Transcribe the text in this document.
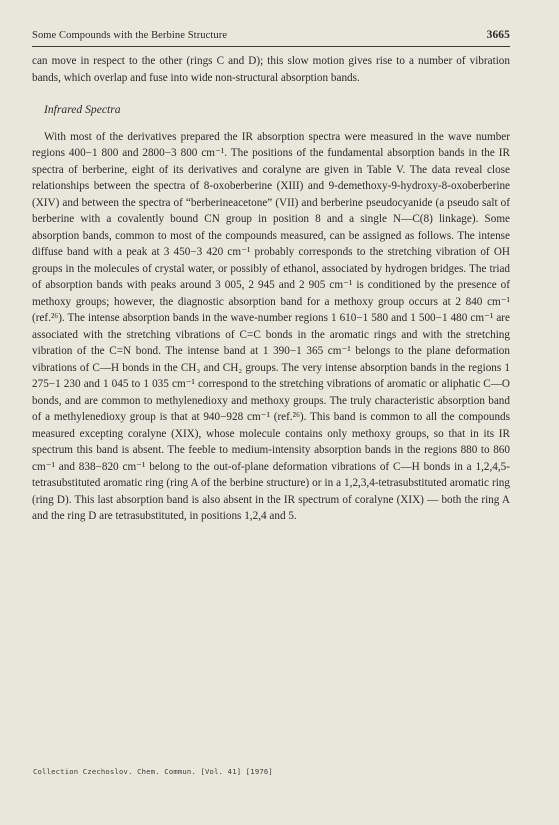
Some Compounds with the Berbine Structure	3665

can move in respect to the other (rings C and D); this slow motion gives rise to a number of vibration bands, which overlap and fuse into wide non-structural absorption bands.

Infrared Spectra

With most of the derivatives prepared the IR absorption spectra were measured in the wave number regions 400−1 800 and 2800−3 800 cm⁻¹. The positions of the fundamental absorption bands in the IR spectra of berberine, eight of its derivatives and coralyne are given in Table V. The data reveal close relationships between the spectra of 8-oxoberberine (XIII) and 9-demethoxy-9-hydroxy-8-oxoberberine (XIV) and between the spectra of “berberineacetone” (VII) and berberine pseudocyanide (a pseudo salt of berberine with a covalently bound CN group in position 8 and a single N—C(8) linkage). Some absorption bands, common to most of the compounds measured, can be assigned as follows. The intense diffuse band with a peak at 3 450−3 420 cm⁻¹ probably corresponds to the stretching vibration of OH groups in the molecules of crystal water, or possibly of ethanol, associated by hydrogen bridges. The triad of absorption bands with peaks around 3 005, 2 945 and 2 905 cm⁻¹ is conditioned by the presence of methoxy groups; however, the diagnostic absorption band for a methoxy group occurs at 2 840 cm⁻¹ (ref.²⁶). The intense absorption bands in the wave-number regions 1 610−1 580 and 1 500−1 480 cm⁻¹ are associated with the stretching vibrations of C=C bonds in the aromatic rings and with the stretching vibration of the C=N bond. The intense band at 1 390−1 365 cm⁻¹ belongs to the plane deformation vibrations of C—H bonds in the CH₃ and CH₂ groups. The very intense absorption bands in the regions 1 275−1 230 and 1 045 to 1 035 cm⁻¹ correspond to the stretching vibrations of aromatic or aliphatic C—O bonds, and are common to methylenedioxy and methoxy groups. The truly characteristic absorption band of a methylenedioxy group is that at 940−928 cm⁻¹ (ref.²⁶). This band is common to all the compounds measured excepting coralyne (XIX), whose molecule contains only methoxy groups, so that in its IR spectrum this band is absent. The feeble to medium-intensity absorption bands in the regions 880 to 860 cm⁻¹ and 838−820 cm⁻¹ belong to the out-of-plane deformation vibrations of C—H bonds in a 1,2,4,5-tetrasubstituted aromatic ring (ring A of the berbine structure) or in a 1,2,3,4-tetrasubstituted aromatic ring (ring D). This last absorption band is also absent in the IR spectrum of coralyne (XIX) — both the ring A and the ring D are tetrasubstituted, in positions 1,2,4 and 5.

Collection Czechoslov. Chem. Commun. [Vol. 41] [1976]
